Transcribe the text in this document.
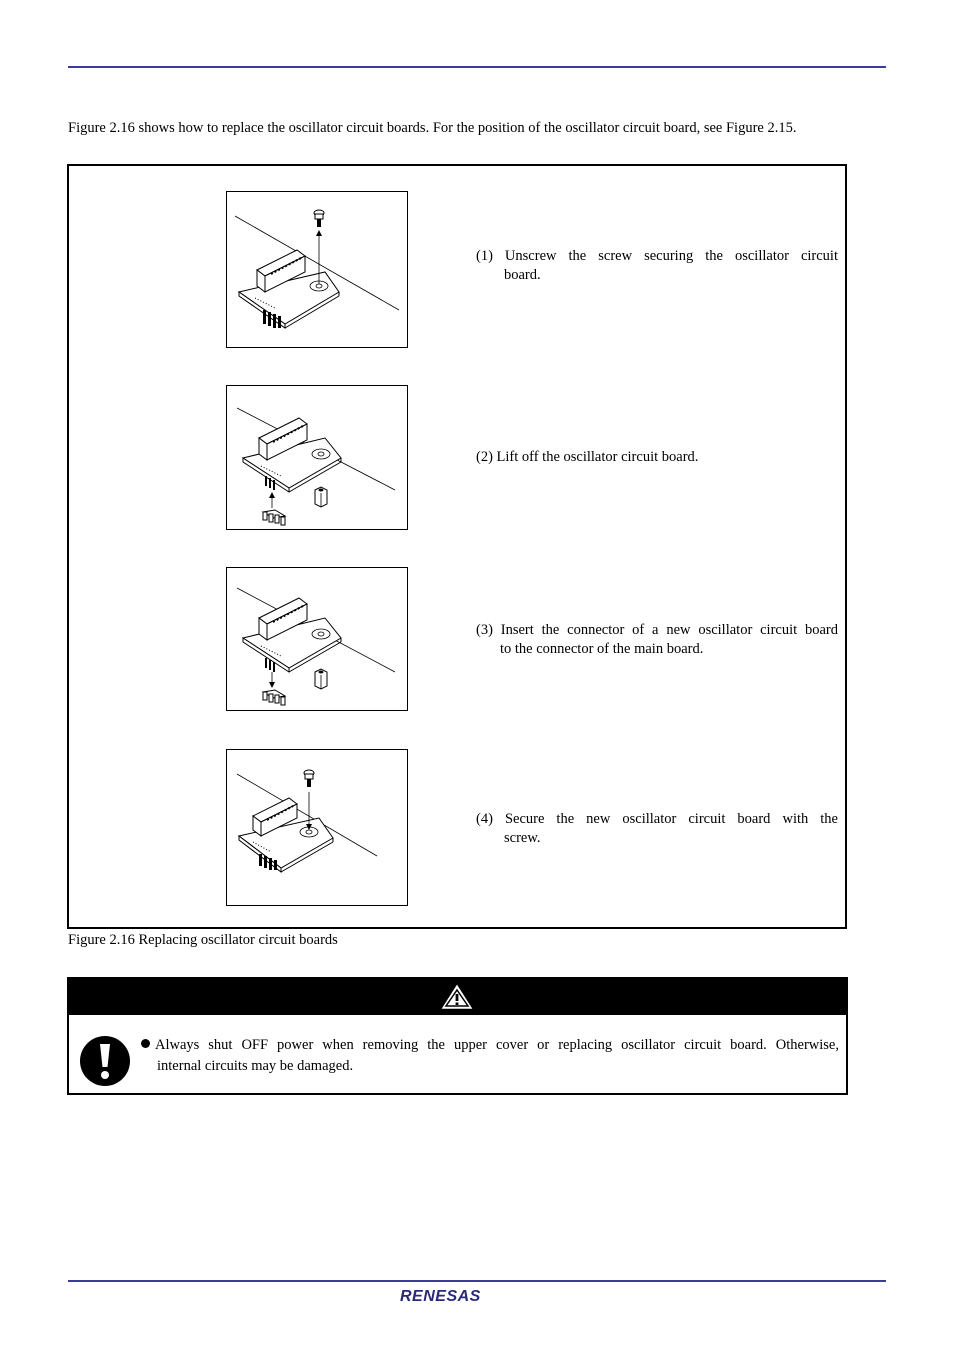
Figure 2.16 shows how to replace the oscillator circuit boards. For the position of the oscillator circuit board, see Figure 2.15.
(1) Unscrew the screw securing the oscillator circuit
board.
(2) Lift off the oscillator circuit board.
(3) Insert the connector of a new oscillator circuit board
to the connector of the main board.
(4) Secure the new oscillator circuit board with the
screw.
Figure 2.16 Replacing oscillator circuit boards
Always shut OFF power when removing the upper cover or replacing oscillator circuit board. Otherwise,
internal circuits may be damaged.
RENESAS
